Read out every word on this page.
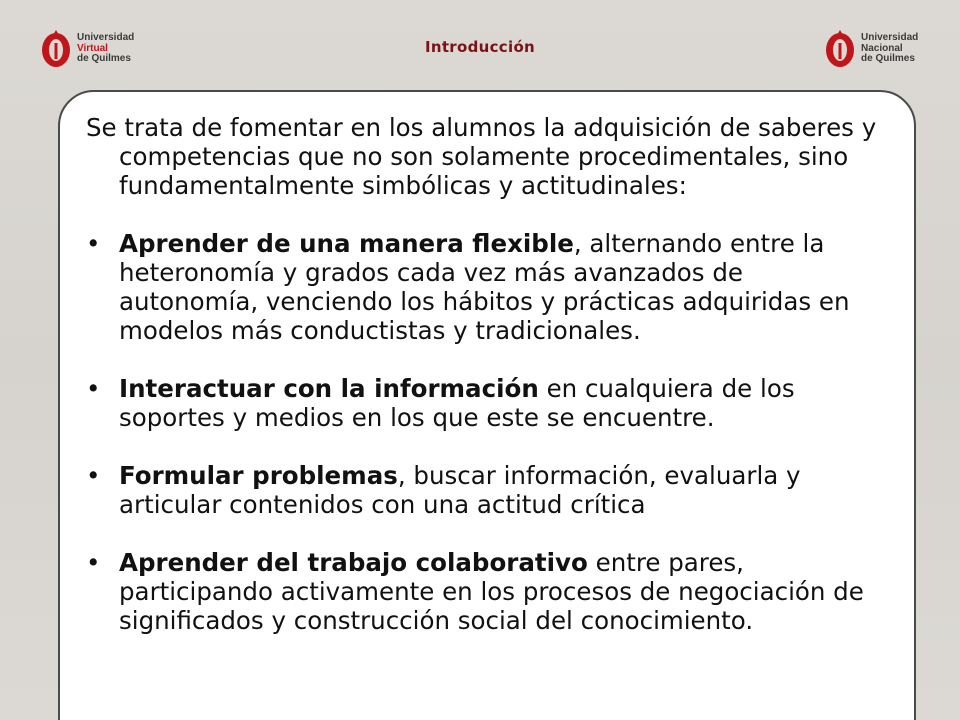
Universidad
Virtual
de Quilmes
Introducción
Universidad
Nacional
de Quilmes

Se trata de fomentar en los alumnos la adquisición de saberes y competencias que no son solamente procedimentales, sino fundamentalmente simbólicas y actitudinales:

• Aprender de una manera flexible, alternando entre la heteronomía y grados cada vez más avanzados de autonomía, venciendo los hábitos y prácticas adquiridas en modelos más conductistas y tradicionales.
• Interactuar con la información en cualquiera de los soportes y medios en los que este se encuentre.
• Formular problemas, buscar información, evaluarla y articular contenidos con una actitud crítica
• Aprender del trabajo colaborativo entre pares, participando activamente en los procesos de negociación de significados y construcción social del conocimiento.
